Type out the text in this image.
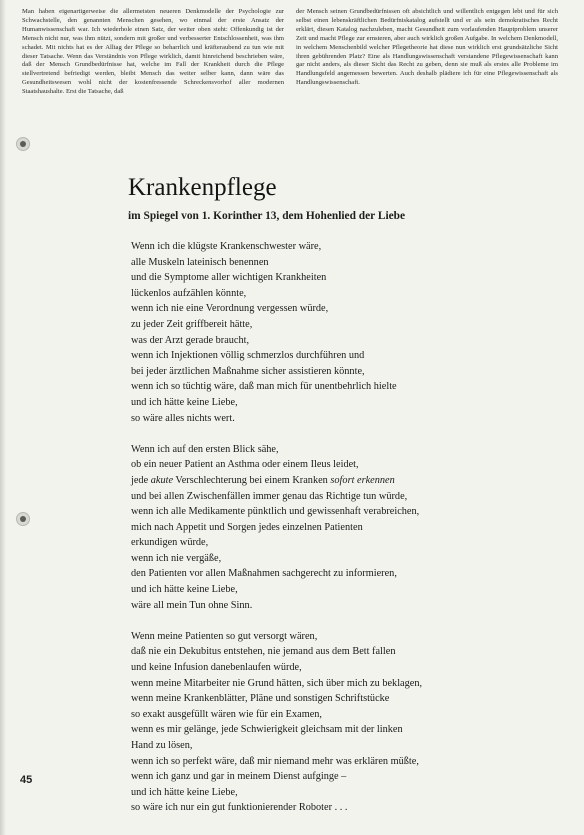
Man haben eigenartigerweise die allermeisten neueren Denkmodelle der Psychologie zur Schwachstelle, den genannten Menschen gesehen, wo einmal der erste Ansatz der Humanwissenschaft war. Ich wiederhole einen Satz, der weiter oben steht: Offenkundig ist der Mensch nicht nur, was ihm nützt, sondern mit großer und verbesserter Entschlossenheit, was ihm schadet. Mit nichts hat es der Alltag der Pflege so beharrlich und kräfteraubend zu tun wie mit dieser Tatsache. Wenn das Verständnis von Pflege wirklich, damit hinreichend beschrieben wäre, daß der Mensch Grundbedürfnisse hat, welche im Fall der Krankheit durch die Pflege stellvertretend befriedigt werden, bleibt Mensch das weiter selber kann, dann wäre das Gesundheitswesen wohl nicht der kostenfressende Schreckensvorhof aller modernen Staatshaushalte. Erst die Tatsache, daß

der Mensch seinen Grundbedürfnissen oft absichtlich und willentlich entgegen lebt und für sich selbst einen lebenskräftlichen Bedürfniskatalog aufstellt und er als sein demokratisches Recht erklärt, diesen Katalog nachzuleben, macht Gesundheit zum vorlaufenden Hauptproblem unserer Zeit und macht Pflege zur ernsteren, aber auch wirklich großen Aufgabe. In welchem Denkmodell, in welchem Menschenbild welcher Pflegetheorie hat diese nun wirklich erst grundsätzliche Sicht ihren gebührenden Platz? Eine als Handlungswissenschaft verstandene Pflegewissenschaft kann gar nicht anders, als dieser Sicht das Recht zu geben, denn sie muß als erstes alle Probleme im Handlungsfeld angemessen bewerten. Auch deshalb plädiere ich für eine Pflegewissenschaft als Handlungswissenschaft.

Krankenpflege
im Spiegel von 1. Korinther 13, dem Hohenlied der Liebe
Wenn ich die klügste Krankenschwester wäre,
alle Muskeln lateinisch benennen
und die Symptome aller wichtigen Krankheiten
lückenlos aufzählen könnte,
wenn ich nie eine Verordnung vergessen würde,
zu jeder Zeit griffbereit hätte,
was der Arzt gerade braucht,
wenn ich Injektionen völlig schmerzlos durchführen und
bei jeder ärztlichen Maßnahme sicher assistieren könnte,
wenn ich so tüchtig wäre, daß man mich für unentbehrlich hielte
und ich hätte keine Liebe,
so wäre alles nichts wert.
Wenn ich auf den ersten Blick sähe,
ob ein neuer Patient an Asthma oder einem Ileus leidet,
jede akute Verschlechterung bei einem Kranken sofort erkennen
und bei allen Zwischenfällen immer genau das Richtige tun würde,
wenn ich alle Medikamente pünktlich und gewissenhaft verabreichen,
mich nach Appetit und Sorgen jedes einzelnen Patienten
erkundigen würde,
wenn ich nie vergäße,
den Patienten vor allen Maßnahmen sachgerecht zu informieren,
und ich hätte keine Liebe,
wäre all mein Tun ohne Sinn.
Wenn meine Patienten so gut versorgt wären,
daß nie ein Dekubitus entstehen, nie jemand aus dem Bett fallen
und keine Infusion danebenlaufen würde,
wenn meine Mitarbeiter nie Grund hätten, sich über mich zu beklagen,
wenn meine Krankenblätter, Pläne und sonstigen Schriftstücke
so exakt ausgefüllt wären wie für ein Examen,
wenn es mir gelänge, jede Schwierigkeit gleichsam mit der linken
Hand zu lösen,
wenn ich so perfekt wäre, daß mir niemand mehr was erklären müßte,
wenn ich ganz und gar in meinem Dienst aufginge –
und ich hätte keine Liebe,
so wäre ich nur ein gut funktionierender Roboter . . .
45
